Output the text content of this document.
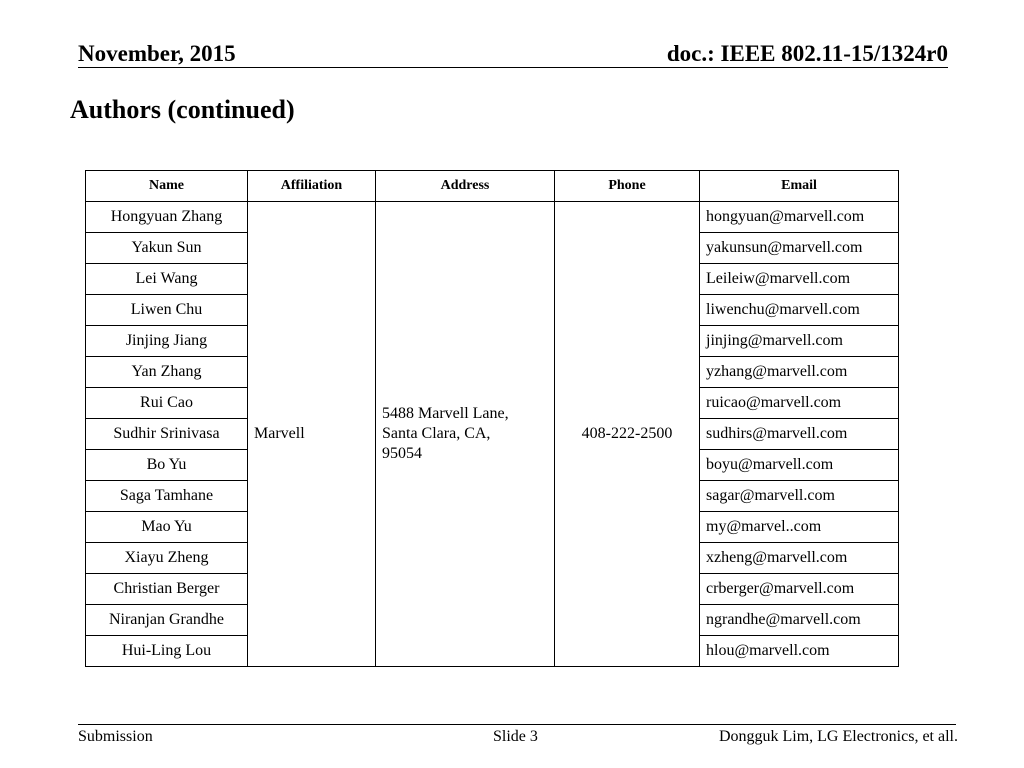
November, 2015	doc.: IEEE 802.11-15/1324r0
Authors (continued)
Name	Affiliation	Address	Phone	Email
Hongyuan Zhang	Marvell	5488 Marvell Lane,
Santa Clara, CA,
95054	408-222-2500	hongyuan@marvell.com
Yakun Sun				yakunsun@marvell.com
Lei Wang				Leileiw@marvell.com
Liwen Chu				liwenchu@marvell.com
Jinjing Jiang				jinjing@marvell.com
Yan Zhang				yzhang@marvell.com
Rui Cao				ruicao@marvell.com
Sudhir Srinivasa				sudhirs@marvell.com
Bo Yu				boyu@marvell.com
Saga Tamhane				sagar@marvell.com
Mao Yu				my@marvel..com
Xiayu Zheng				xzheng@marvell.com
Christian Berger				crberger@marvell.com
Niranjan Grandhe				ngrandhe@marvell.com
Hui-Ling Lou				hlou@marvell.com
Submission	Slide 3	Dongguk Lim, LG Electronics, et all.
